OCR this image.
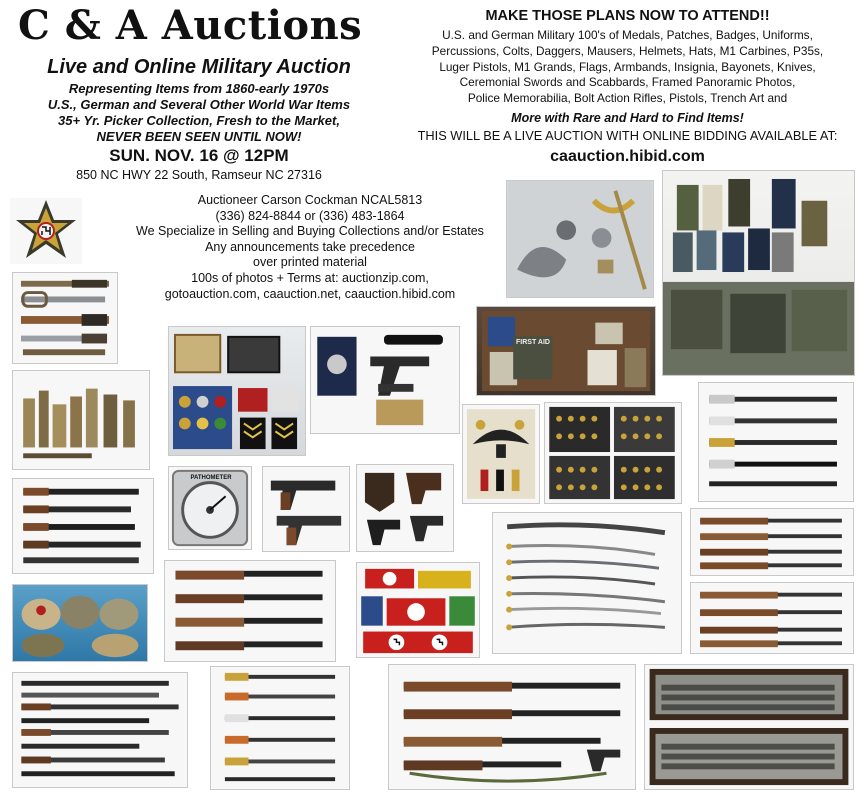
C & A Auctions
Live and Online Military Auction
Representing Items from 1860-early 1970s
U.S., German and Several Other World War Items
35+ Yr. Picker Collection, Fresh to the Market,
NEVER BEEN SEEN UNTIL NOW!
SUN. NOV. 16 @ 12PM
850 NC HWY 22 South, Ramseur NC 27316
MAKE THOSE PLANS NOW TO ATTEND!!
U.S. and German Military 100's of Medals, Patches, Badges, Uniforms,
Percussions, Colts, Daggers, Mausers, Helmets, Hats, M1 Carbines, P35s,
Luger Pistols, M1 Grands, Flags, Armbands, Insignia, Bayonets, Knives,
Ceremonial Swords and Scabbards, Framed Panoramic Photos,
Police Memorabilia, Bolt Action Rifles, Pistols, Trench Art and
More with Rare and Hard to Find Items!
THIS WILL BE A LIVE AUCTION WITH ONLINE BIDDING AVAILABLE AT:
caauction.hibid.com
Auctioneer Carson Cockman NCAL5813
(336) 824-8844 or (336) 483-1864
We Specialize in Selling and Buying Collections and/or Estates
Any announcements take precedence
over printed material
100s of photos + Terms at: auctionzip.com,
gotoauction.com, caauction.net, caauction.hibid.com
PATHOMETER
FIRST AID
